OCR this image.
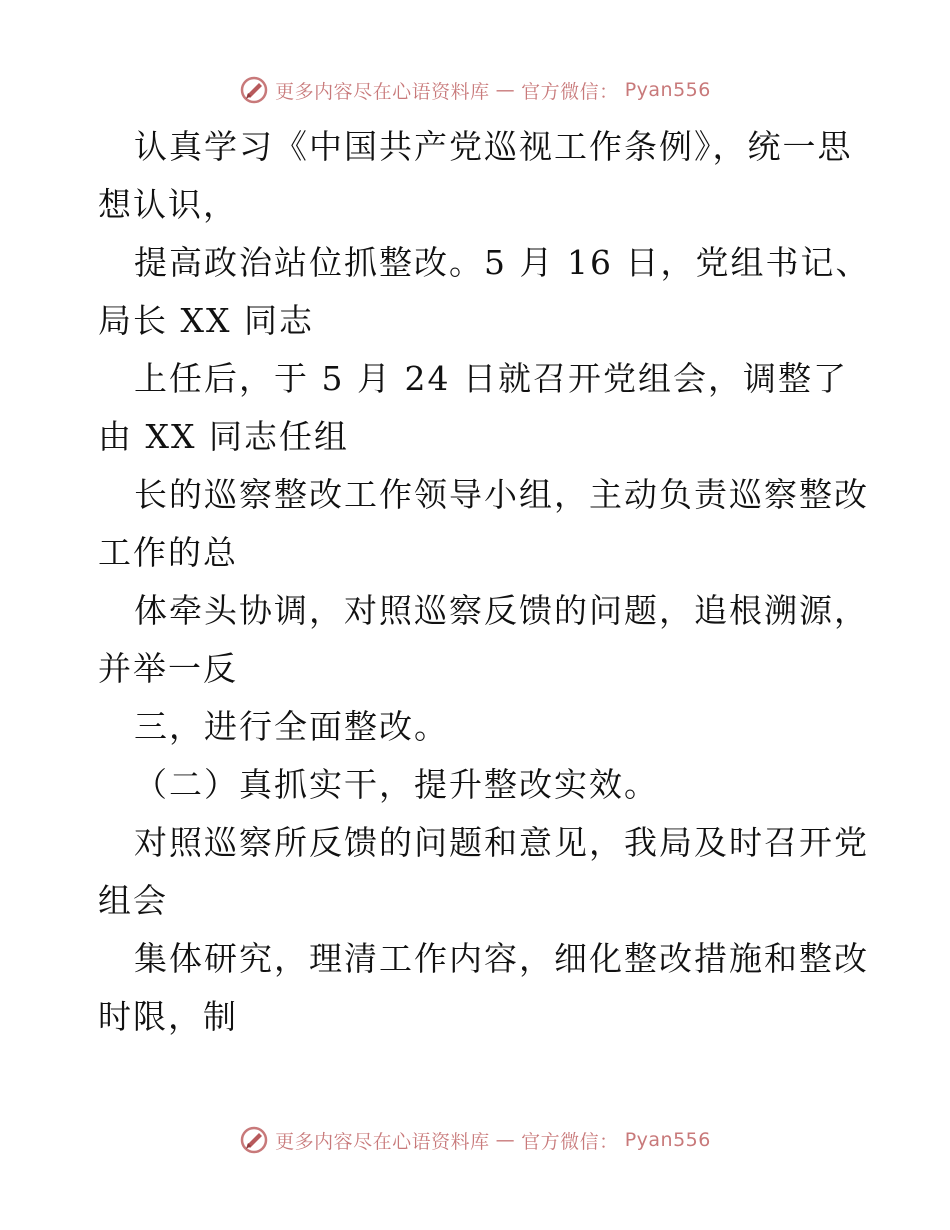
更多内容尽在心语资料库 — 官方微信： Pyan556

认真学习《中国共产党巡视工作条例》，统一思
想认识，

提高政治站位抓整改。5 月 16 日，党组书记、
局长 XX 同志

上任后，于 5 月 24 日就召开党组会，调整了
由 XX 同志任组

长的巡察整改工作领导小组，主动负责巡察整改
工作的总

体牵头协调，对照巡察反馈的问题，追根溯源，
并举一反

三，进行全面整改。

（二）真抓实干，提升整改实效。

对照巡察所反馈的问题和意见，我局及时召开党
组会

集体研究，理清工作内容，细化整改措施和整改
时限，制

更多内容尽在心语资料库 — 官方微信： Pyan556
